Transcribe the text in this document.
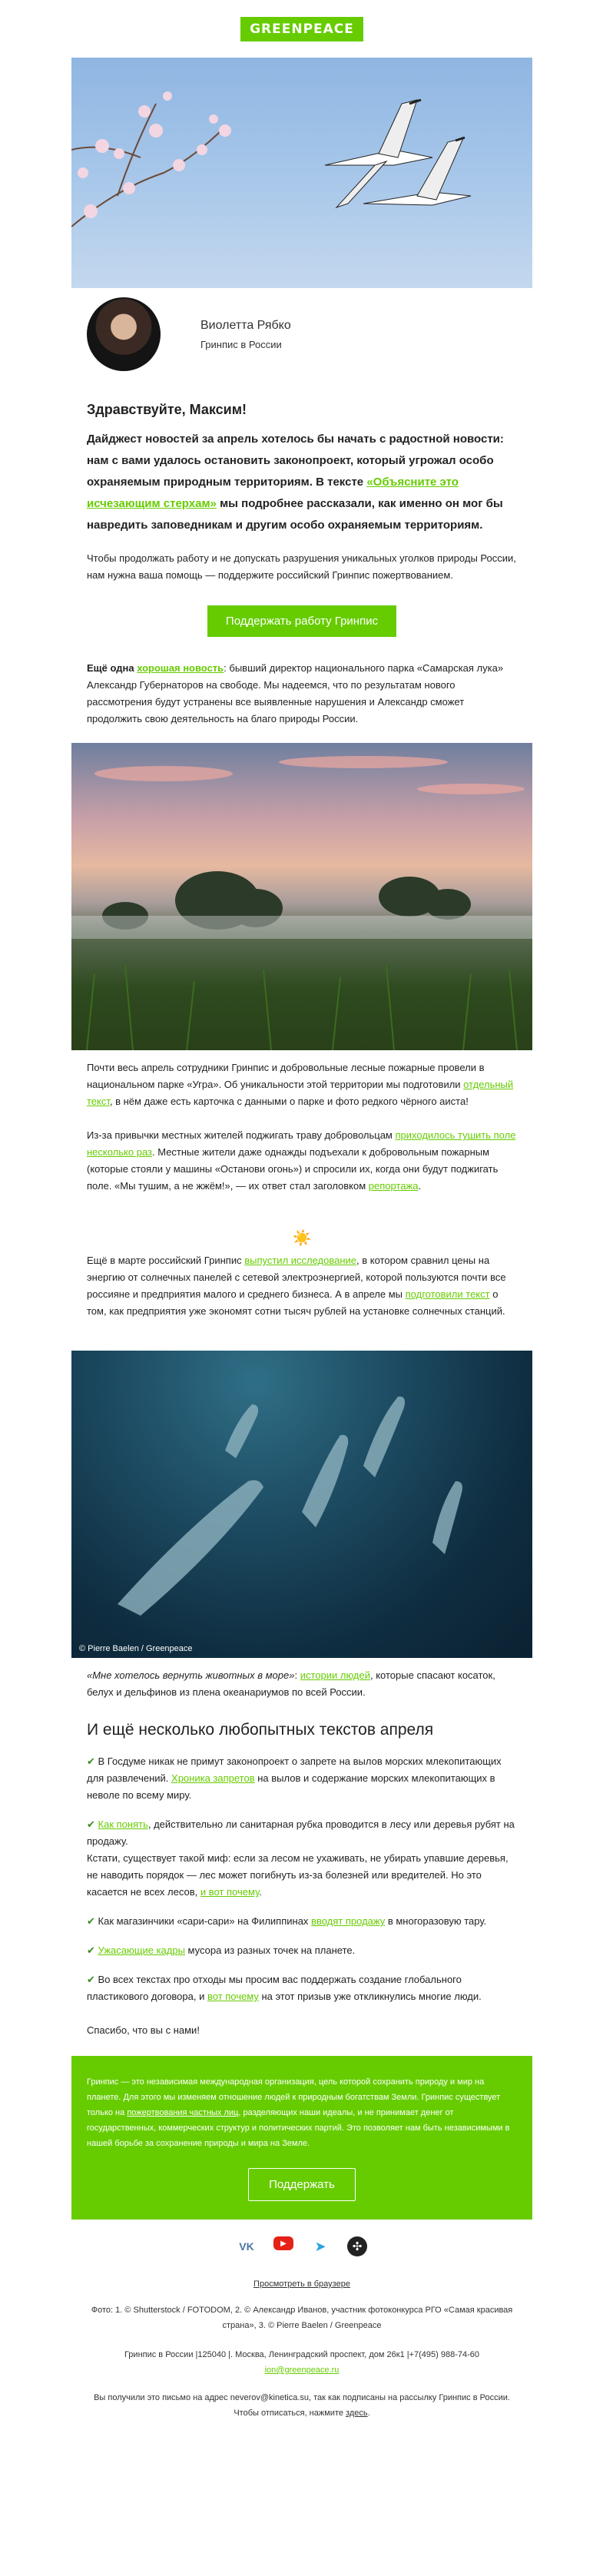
GREENPEACE
Виолетта Рябко
Гринпис в России
Здравствуйте, Максим!
Дайджест новостей за апрель хотелось бы начать с радостной новости: нам с вами удалось остановить законопроект, который угрожал особо охраняемым природным территориям. В тексте «Объясните это исчезающим стерхам» мы подробнее рассказали, как именно он мог бы навредить заповедникам и другим особо охраняемым территориям.

Чтобы продолжать работу и не допускать разрушения уникальных уголков природы России, нам нужна ваша помощь — поддержите российский Гринпис пожертвованием.

Поддержать работу Гринпис

Ещё одна хорошая новость: бывший директор национального парка «Самарская лука» Александр Губернаторов на свободе. Мы надеемся, что по результатам нового рассмотрения будут устранены все выявленные нарушения и Александр сможет продолжить свою деятельность на благо природы России.

Почти весь апрель сотрудники Гринпис и добровольные лесные пожарные провели в национальном парке «Угра». Об уникальности этой территории мы подготовили отдельный текст, в нём даже есть карточка с данными о парке и фото редкого чёрного аиста!

Из-за привычки местных жителей поджигать траву добровольцам приходилось тушить поле несколько раз. Местные жители даже однажды подъехали к добровольным пожарным (которые стояли у машины «Останови огонь») и спросили их, когда они будут поджигать поле. «Мы тушим, а не жжём!», — их ответ стал заголовком репортажа.

☀️

Ещё в марте российский Гринпис выпустил исследование, в котором сравнил цены на энергию от солнечных панелей с сетевой электроэнергией, которой пользуются почти все россияне и предприятия малого и среднего бизнеса. А в апреле мы подготовили текст о том, как предприятия уже экономят сотни тысяч рублей на установке солнечных станций.

© Pierre Baelen / Greenpeace

«Мне хотелось вернуть животных в море»: истории людей, которые спасают косаток, белух и дельфинов из плена океанариумов по всей России.

И ещё несколько любопытных текстов апреля

✔ В Госдуме никак не примут законопроект о запрете на вылов морских млекопитающих для развлечений. Хроника запретов на вылов и содержание морских млекопитающих в неволе по всему миру.

✔ Как понять, действительно ли санитарная рубка проводится в лесу или деревья рубят на продажу.
Кстати, существует такой миф: если за лесом не ухаживать, не убирать упавшие деревья, не наводить порядок — лес может погибнуть из-за болезней или вредителей. Но это касается не всех лесов, и вот почему.

✔ Как магазинчики «сари-сари» на Филиппинах вводят продажу в многоразовую тару.

✔ Ужасающие кадры мусора из разных точек на планете.

✔ Во всех текстах про отходы мы просим вас поддержать создание глобального пластикового договора, и вот почему на этот призыв уже откликнулись многие люди.

Спасибо, что вы с нами!

Гринпис — это независимая международная организация, цель которой сохранить природу и мир на планете. Для этого мы изменяем отношение людей к природным богатствам Земли. Гринпис существует только на пожертвования частных лиц, разделяющих наши идеалы, и не принимает денег от государственных, коммерческих структур и политических партий. Это позволяет нам быть независимыми в нашей борьбе за сохранение природы и мира на Земле.

Поддержать
VK	▶	➤	✣
Просмотреть в браузере
Фото: 1. © Shutterstock / FOTODOM, 2. © Александр Иванов, участник фотоконкурса РГО «Самая красивая страна», 3. © Pierre Baelen / Greenpeace
Гринпис в России |125040 |. Москва, Ленинградский проспект, дом 26к1 |+7(495) 988-74-60
ion@greenpeace.ru
Вы получили это письмо на адрес neverov@kinetica.su, так как подписаны на рассылку Гринпис в России.
Чтобы отписаться, нажмите здесь.
